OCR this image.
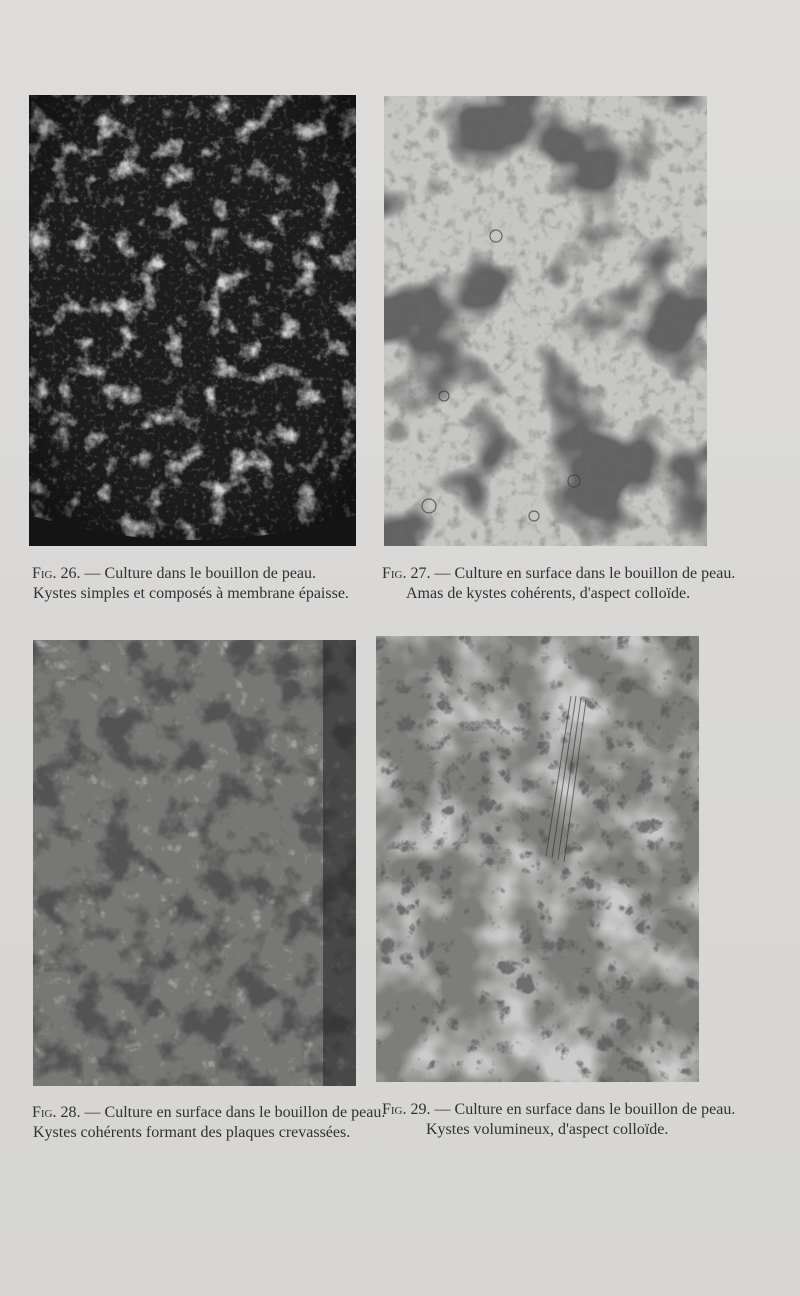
Fig. 26. — Culture dans le bouillon de peau.
Kystes simples et composés à membrane épaisse.
Fig. 27. — Culture en surface dans le bouillon de peau.
Amas de kystes cohérents, d'aspect colloïde.
Fig. 28. — Culture en surface dans le bouillon de peau.
Kystes cohérents formant des plaques crevassées.
Fig. 29. — Culture en surface dans le bouillon de peau.
Kystes volumineux, d'aspect colloïde.
